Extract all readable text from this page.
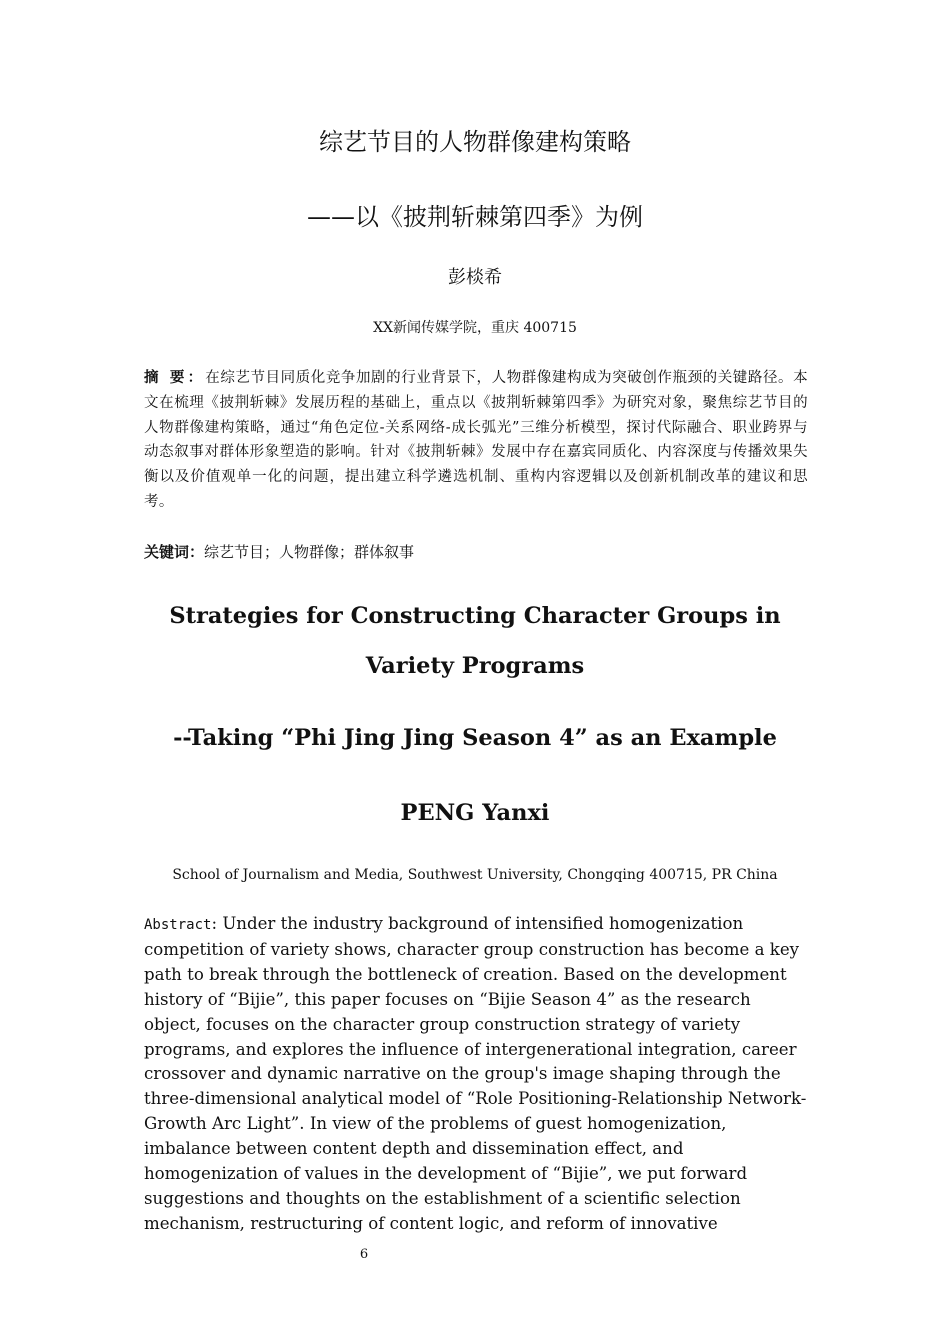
综艺节目的人物群像建构策略
——以《披荆斩棘第四季》为例
彭棪希
XX新闻传媒学院，重庆 400715

摘 要：在综艺节目同质化竞争加剧的行业背景下，人物群像建构成为突破创作瓶颈的关键路径。本文在梳理《披荆斩棘》发展历程的基础上，重点以《披荆斩棘第四季》为研究对象，聚焦综艺节目的人物群像建构策略，通过“角色定位-关系网络-成长弧光”三维分析模型，探讨代际融合、职业跨界与动态叙事对群体形象塑造的影响。针对《披荆斩棘》发展中存在嘉宾同质化、内容深度与传播效果失衡以及价值观单一化的问题，提出建立科学遴选机制、重构内容逻辑以及创新机制改革的建议和思考。

关键词：综艺节目；人物群像；群体叙事

Strategies for Constructing Character Groups in Variety Programs
--Taking “Phi Jing Jing Season 4” as an Example
PENG Yanxi
School of Journalism and Media, Southwest University, Chongqing 400715, PR China

Abstract: Under the industry background of intensified homogenization competition of variety shows, character group construction has become a key path to break through the bottleneck of creation. Based on the development history of “Bijie”, this paper focuses on “Bijie Season 4” as the research object, focuses on the character group construction strategy of variety programs, and explores the influence of intergenerational integration, career crossover and dynamic narrative on the group's image shaping through the three-dimensional analytical model of “Role Positioning-Relationship Network-Growth Arc Light”. In view of the problems of guest homogenization, imbalance between content depth and dissemination effect, and homogenization of values in the development of “Bijie”, we put forward suggestions and thoughts on the establishment of a scientific selection mechanism, restructuring of content logic, and reform of innovative

6
